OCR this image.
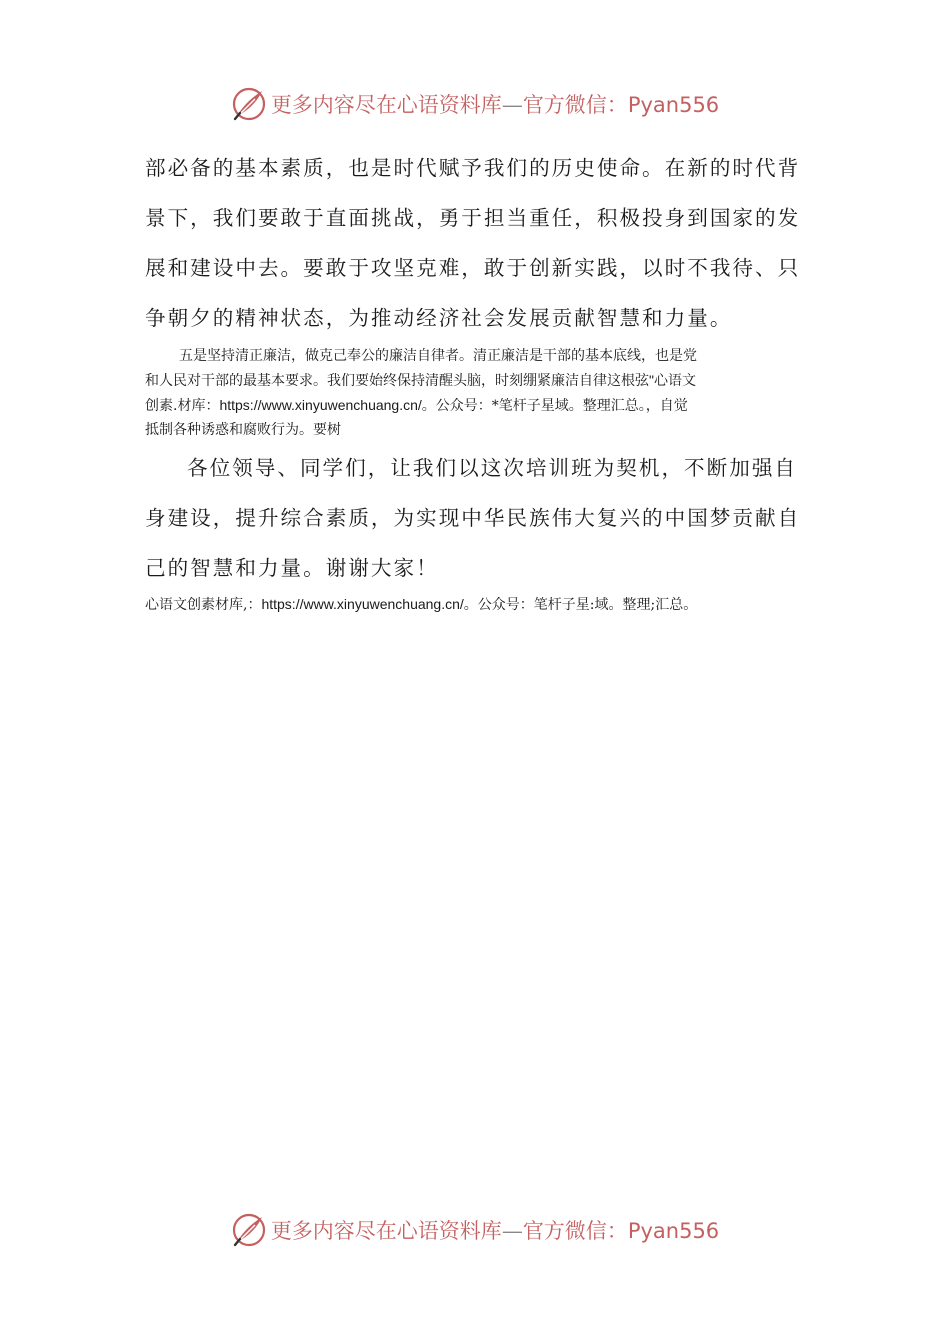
更多内容尽在心语资料库—官方微信：Pyan556
部必备的基本素质，也是时代赋予我们的历史使命。在新的时代背
景下，我们要敢于直面挑战，勇于担当重任，积极投身到国家的发
展和建设中去。要敢于攻坚克难，敢于创新实践，以时不我待、只
争朝夕的精神状态，为推动经济社会发展贡献智慧和力量。
五是坚持清正廉洁，做克己奉公的廉洁自律者。清正廉洁是干部的基本底线，也是党
和人民对干部的最基本要求。我们要始终保持清醒头脑，时刻绷紧廉洁自律这根弦"心语文
创素.材库：https://www.xinyuwenchuang.cn/。公众号：*笔杆子星域。整理汇总。，自觉
抵制各种诱惑和腐败行为。要树
各位领导、同学们，让我们以这次培训班为契机，不断加强自
身建设，提升综合素质，为实现中华民族伟大复兴的中国梦贡献自
己的智慧和力量。谢谢大家！
心语文创素材库,：https://www.xinyuwenchuang.cn/。公众号：笔杆子星:域。整理;汇总。
更多内容尽在心语资料库—官方微信：Pyan556
